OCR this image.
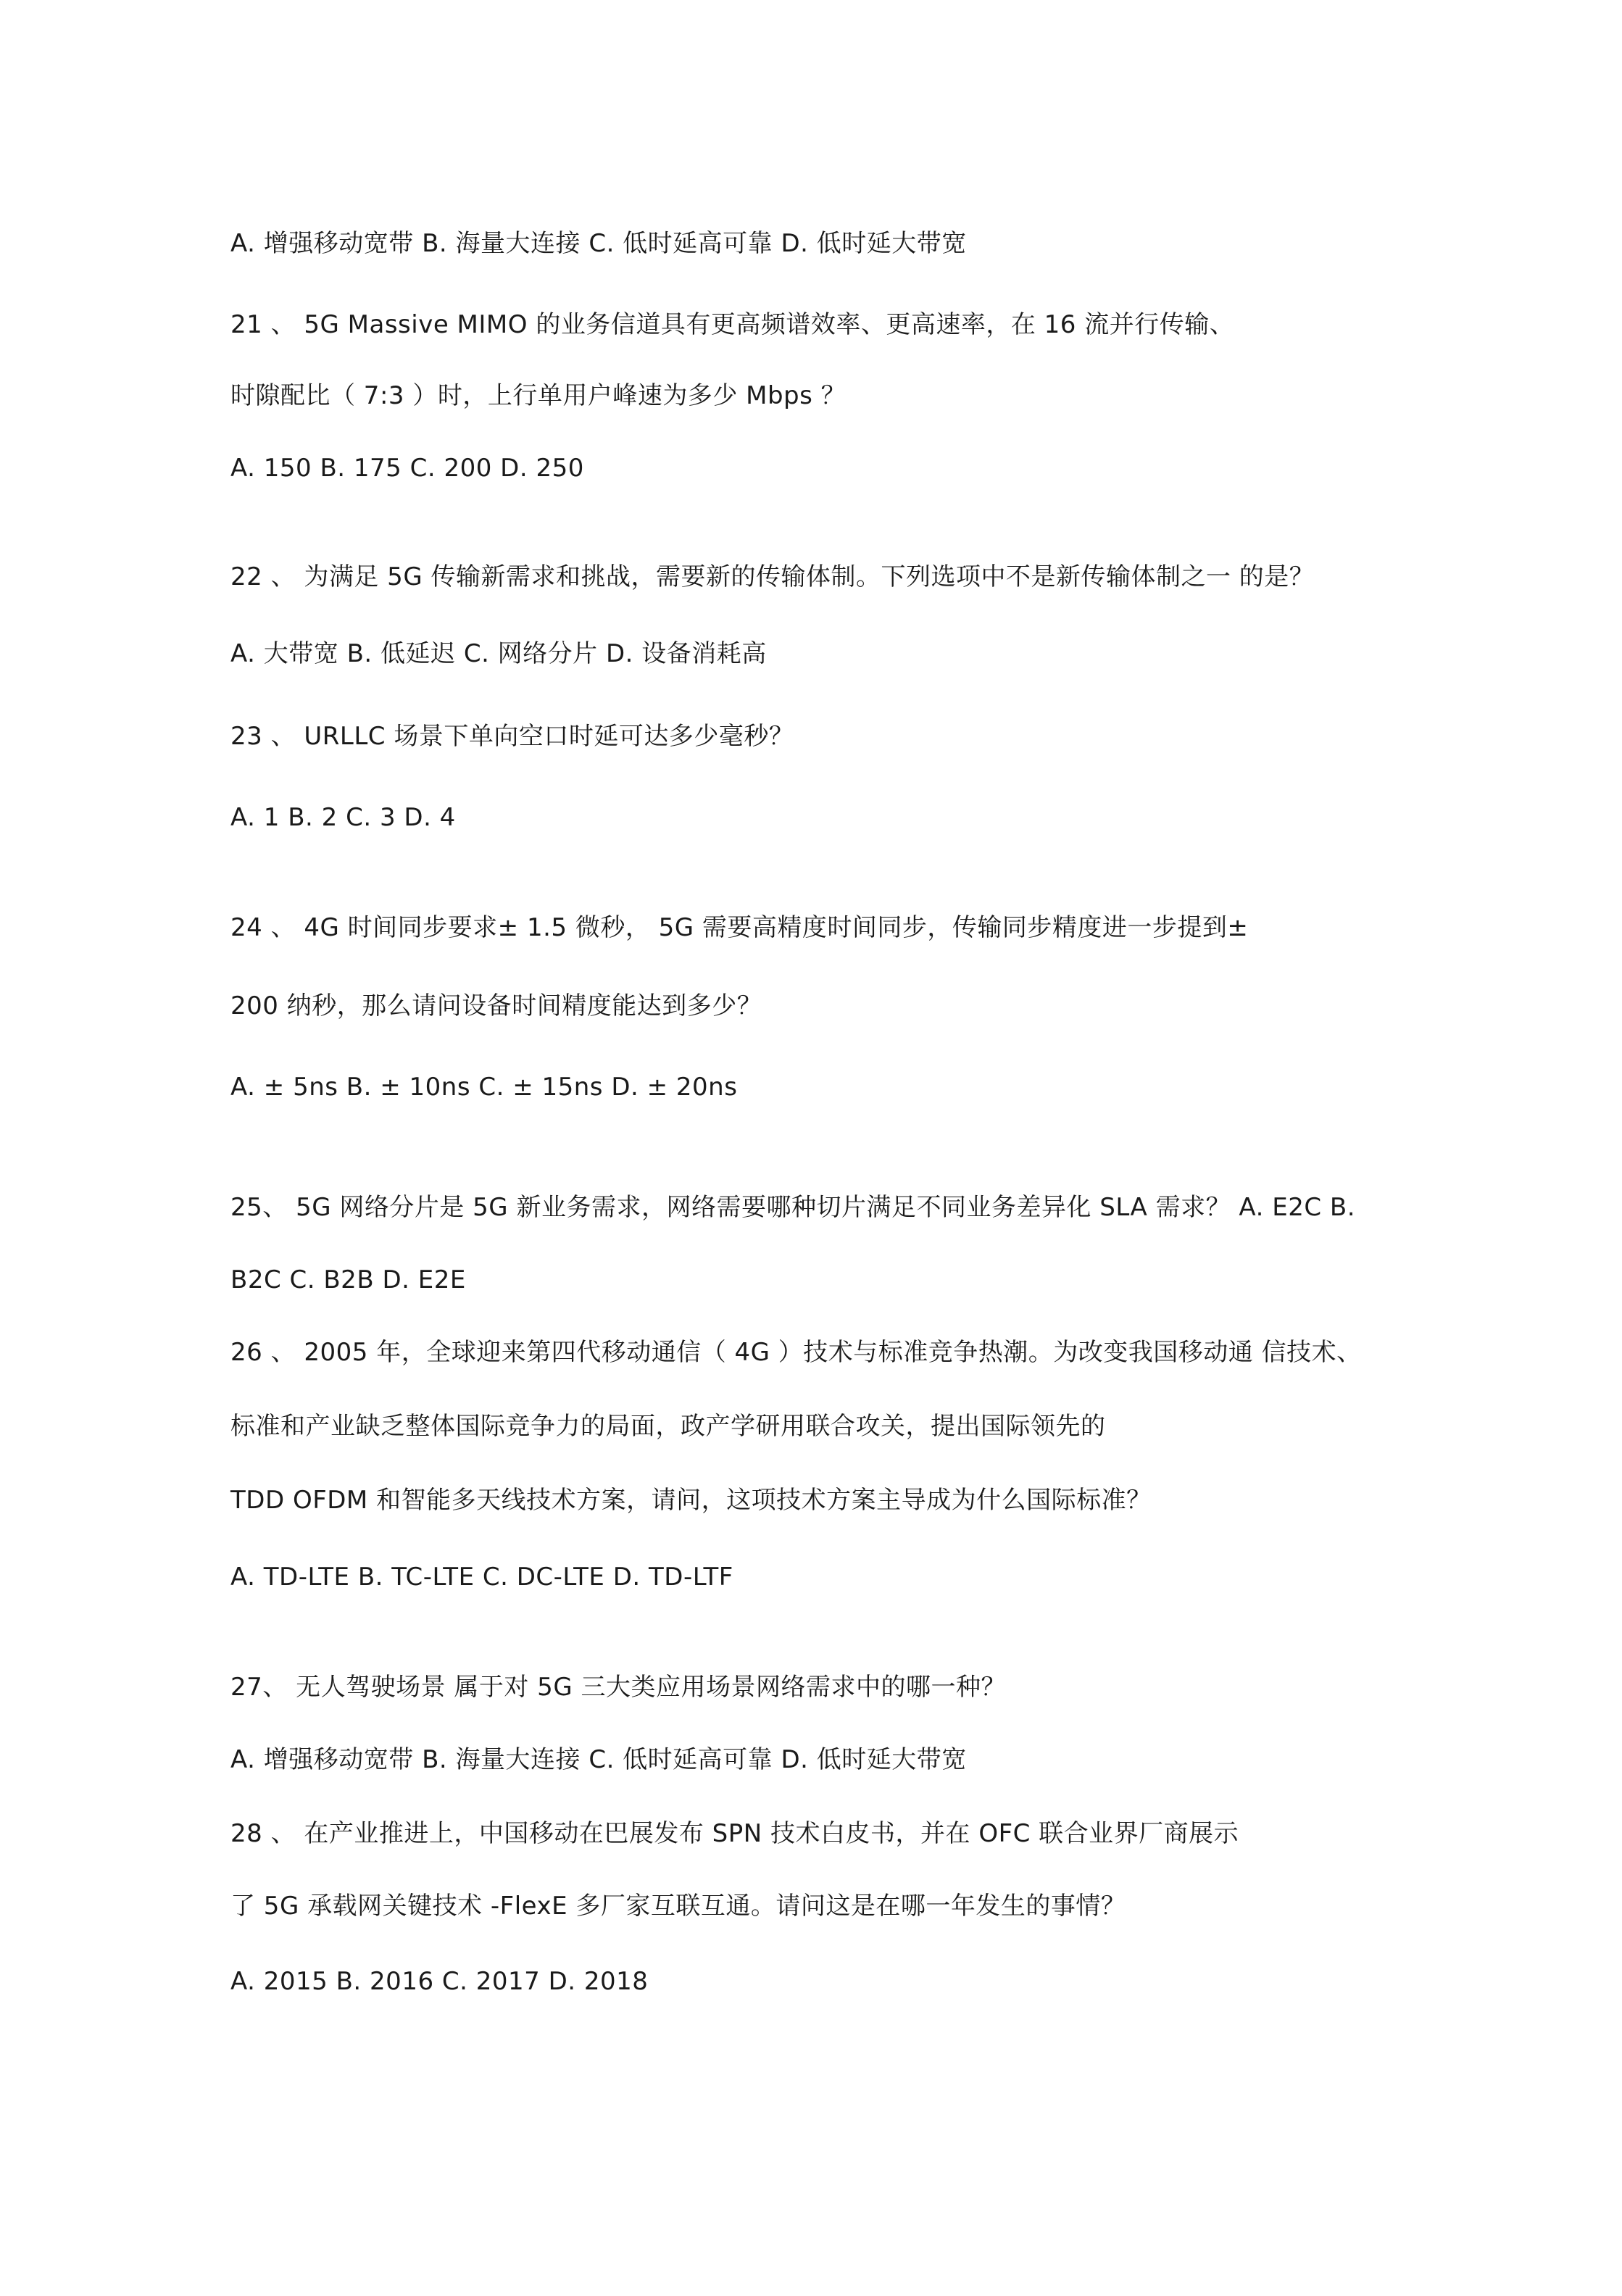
A. 增强移动宽带 B. 海量大连接 C. 低时延高可靠 D. 低时延大带宽
21 、 5G Massive MIMO 的业务信道具有更高频谱效率、更高速率，在 16 流并行传输、
时隙配比（ 7:3 ）时，上行单用户峰速为多少 Mbps ？
A. 150 B. 175 C. 200 D. 250
22 、 为满足 5G 传输新需求和挑战，需要新的传输体制。下列选项中不是新传输体制之一 的是？
A. 大带宽 B. 低延迟 C. 网络分片 D. 设备消耗高
23 、 URLLC 场景下单向空口时延可达多少毫秒？
A. 1 B. 2 C. 3 D. 4
24 、 4G 时间同步要求± 1.5 微秒， 5G 需要高精度时间同步，传输同步精度进一步提到±
200 纳秒，那么请问设备时间精度能达到多少？
A. ± 5ns B. ± 10ns C. ± 15ns D. ± 20ns
25、 5G 网络分片是 5G 新业务需求，网络需要哪种切片满足不同业务差异化 SLA 需求？ A. E2C B.
B2C C. B2B D. E2E
26 、 2005 年，全球迎来第四代移动通信（ 4G ）技术与标准竞争热潮。为改变我国移动通 信技术、
标准和产业缺乏整体国际竞争力的局面，政产学研用联合攻关，提出国际领先的
TDD OFDM 和智能多天线技术方案，请问，这项技术方案主导成为什么国际标准？
A. TD-LTE B. TC-LTE C. DC-LTE D. TD-LTF
27、 无人驾驶场景 属于对 5G 三大类应用场景网络需求中的哪一种？
A. 增强移动宽带 B. 海量大连接 C. 低时延高可靠 D. 低时延大带宽
28 、 在产业推进上，中国移动在巴展发布 SPN 技术白皮书，并在 OFC 联合业界厂商展示
了 5G 承载网关键技术 -FlexE 多厂家互联互通。请问这是在哪一年发生的事情？
A. 2015 B. 2016 C. 2017 D. 2018
